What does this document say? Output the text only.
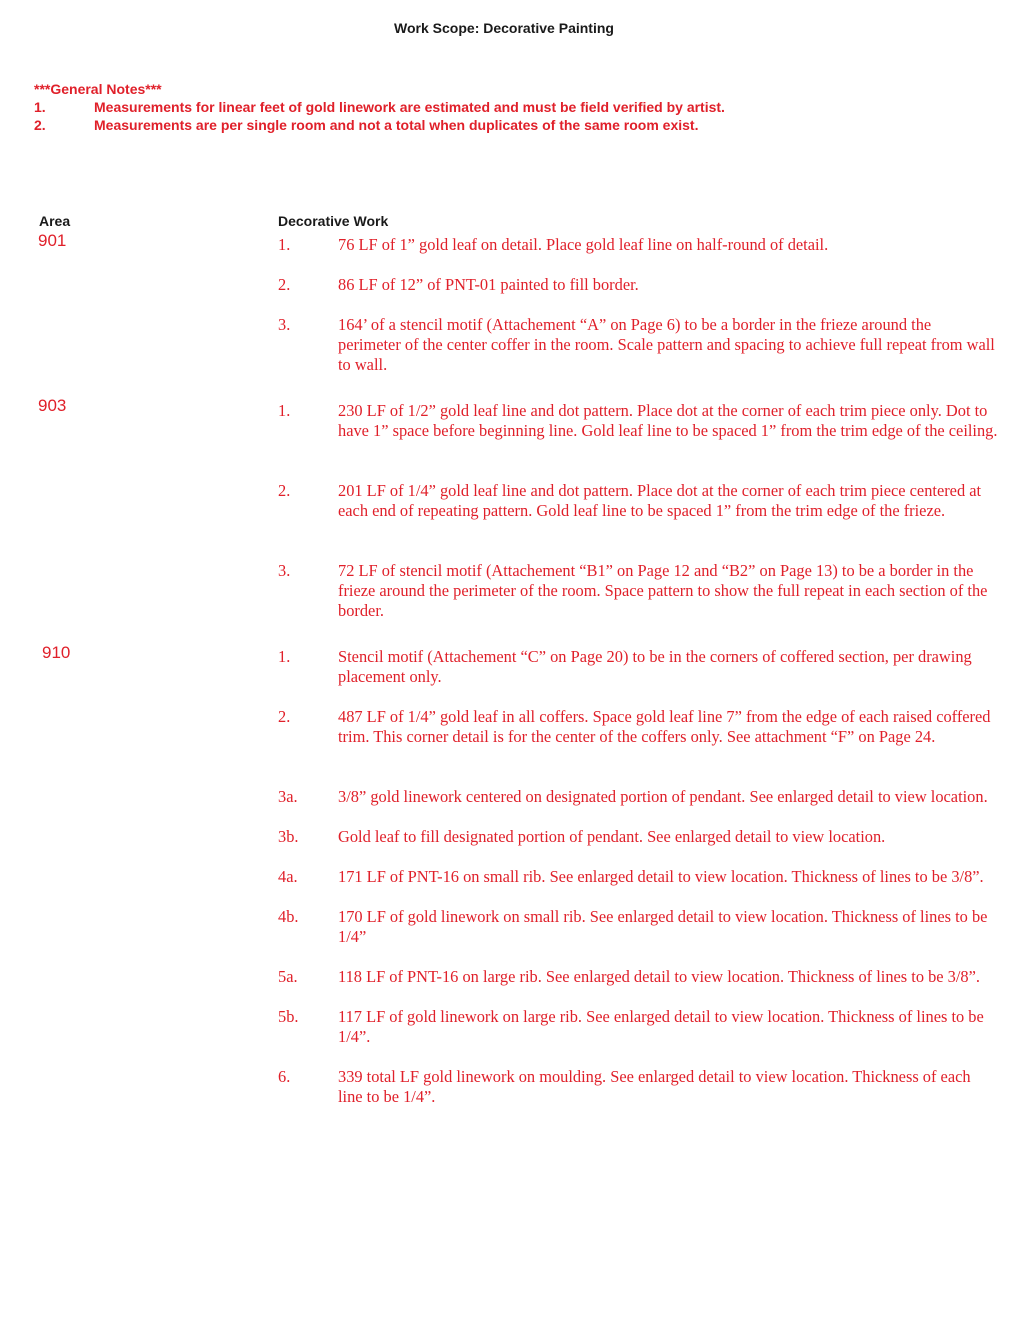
Work Scope: Decorative Painting
***General Notes***
1.	Measurements for linear feet of gold linework are estimated and must be field verified by artist.
2.	Measurements are per single room and not a total when duplicates of the same room exist.
Area	Decorative Work
901	1.	76 LF of 1” gold leaf on detail. Place gold leaf line on half-round of detail.
2.	86 LF of 12” of PNT-01 painted to fill border.
3.	164’ of a stencil motif (Attachement “A” on Page 6) to be a border in the frieze around the perimeter of the center coffer in the room. Scale pattern and spacing to achieve full repeat from wall to wall.
903	1.	230 LF of 1/2” gold leaf line and dot pattern. Place dot at the corner of each trim piece only. Dot to have 1” space before beginning line. Gold leaf line to be spaced 1” from the trim edge of the ceiling.
2.	201 LF of 1/4” gold leaf line and dot pattern. Place dot at the corner of each trim piece centered at each end of repeating pattern. Gold leaf line to be spaced 1” from the trim edge of the frieze.
3.	72 LF of stencil motif (Attachement “B1” on Page 12 and “B2” on Page 13) to be a border in the frieze around the perimeter of the room. Space pattern to show the full repeat in each section of the border.
910	1.	Stencil motif (Attachement “C” on Page 20) to be in the corners of coffered section, per drawing placement only.
2.	487 LF of 1/4” gold leaf in all coffers. Space gold leaf line 7” from the edge of each raised coffered trim. This corner detail is for the center of the coffers only. See attachment “F” on Page 24.
3a.	3/8” gold linework centered on designated portion of pendant. See enlarged detail to view location.
3b.	Gold leaf to fill designated portion of pendant. See enlarged detail to view location.
4a.	171 LF of PNT-16 on small rib. See enlarged detail to view location. Thickness of lines to be 3/8”.
4b.	170 LF of gold linework on small rib. See enlarged detail to view location. Thickness of lines to be 1/4”
5a.	118 LF of PNT-16 on large rib. See enlarged detail to view location. Thickness of lines to be 3/8”.
5b.	117 LF of gold linework on large rib. See enlarged detail to view location. Thickness of lines to be 1/4”.
6.	339 total LF gold linework on moulding. See enlarged detail to view location. Thickness of each line to be 1/4”.
